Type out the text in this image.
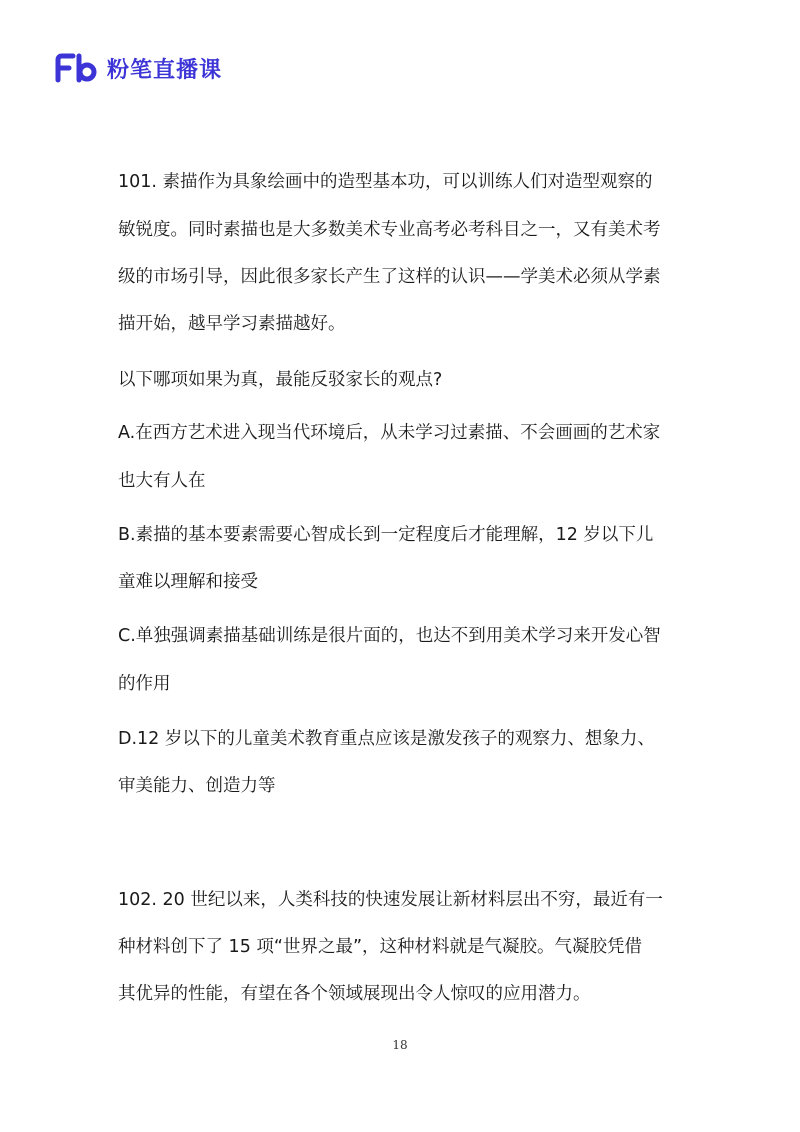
粉笔直播课
101. 素描作为具象绘画中的造型基本功，可以训练人们对造型观察的
敏锐度。同时素描也是大多数美术专业高考必考科目之一，又有美术考
级的市场引导，因此很多家长产生了这样的认识——学美术必须从学素
描开始，越早学习素描越好。
以下哪项如果为真，最能反驳家长的观点?
A.在西方艺术进入现当代环境后，从未学习过素描、不会画画的艺术家
也大有人在
B.素描的基本要素需要心智成长到一定程度后才能理解，12 岁以下儿
童难以理解和接受
C.单独强调素描基础训练是很片面的，也达不到用美术学习来开发心智
的作用
D.12 岁以下的儿童美术教育重点应该是激发孩子的观察力、想象力、
审美能力、创造力等
102. 20 世纪以来，人类科技的快速发展让新材料层出不穷，最近有一
种材料创下了 15 项“世界之最”，这种材料就是气凝胶。气凝胶凭借
其优异的性能，有望在各个领域展现出令人惊叹的应用潜力。
18
